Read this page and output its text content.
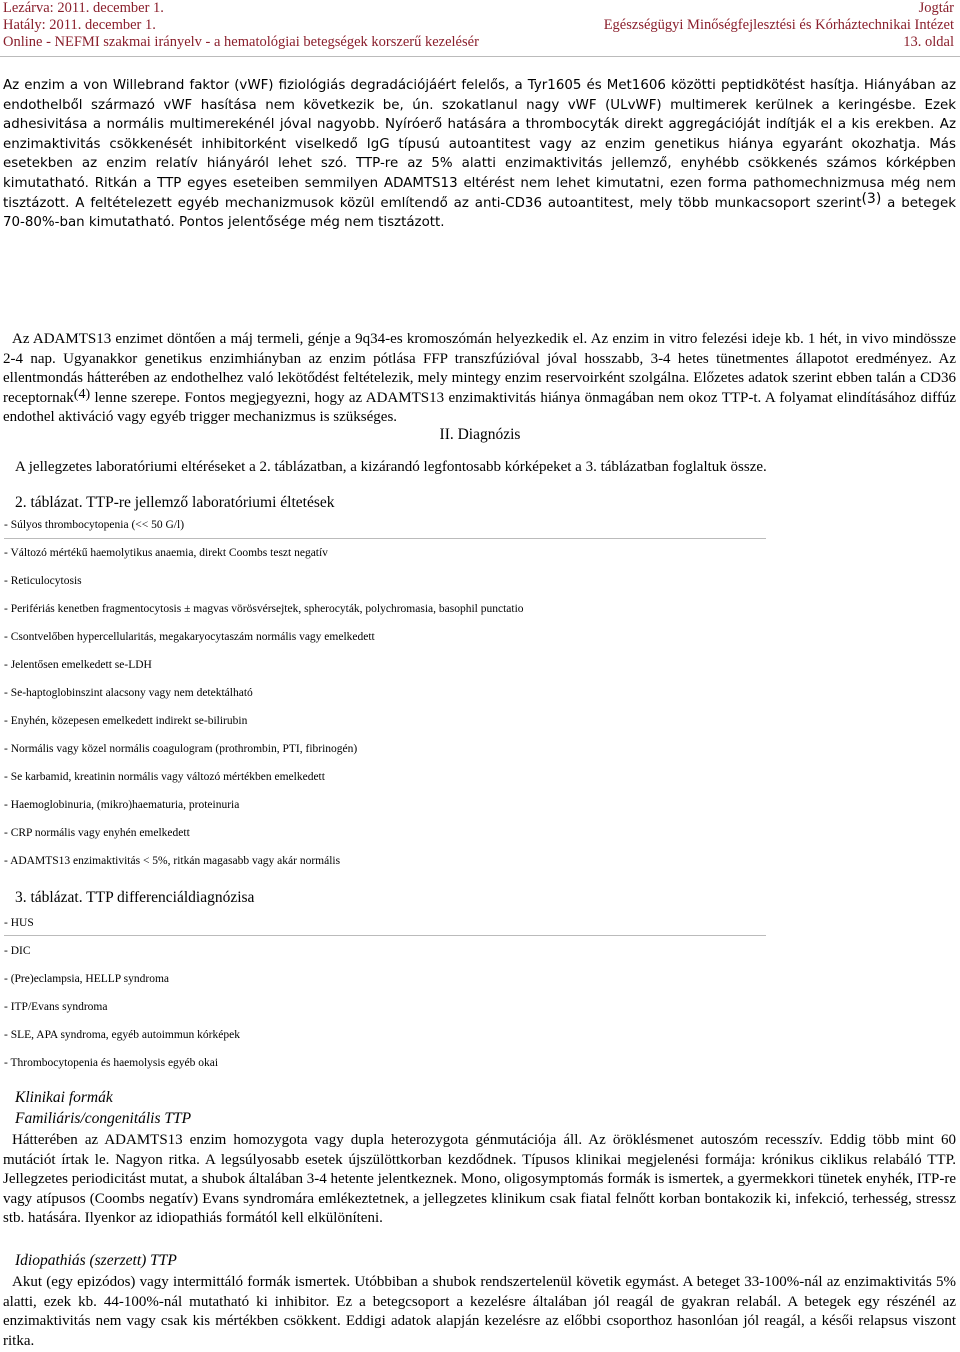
Lezárva: 2011. december 1.
Hatály: 2011. december 1.
Online - NEFMI szakmai irányelv - a hematológiai betegségek korszerű kezelésér
Jogtár
Egészségügyi Minőségfejlesztési és Kórháztechnikai Intézet
13. oldal
Az enzim a von Willebrand faktor (vWF) fiziológiás degradációjáért felelős, a Tyr1605 és Met1606 közötti peptidkötést hasítja. Hiányában az endothelből származó vWF hasítása nem következik be, ún. szokatlanul nagy vWF (ULvWF) multimerek kerülnek a keringésbe. Ezek adhesivitása a normális multimerekénél jóval nagyobb. Nyíróerő hatására a thrombocyták direkt aggregációját indítják el a kis erekben. Az enzimaktivitás csökkenését inhibitorként viselkedő IgG típusú autoantitest vagy az enzim genetikus hiánya egyaránt okozhatja. Más esetekben az enzim relatív hiányáról lehet szó. TTP-re az 5% alatti enzimaktivitás jellemző, enyhébb csökkenés számos kórképben kimutatható. Ritkán a TTP egyes eseteiben semmilyen ADAMTS13 eltérést nem lehet kimutatni, ezen forma pathomechnizmusa még nem tisztázott. A feltételezett egyéb mechanizmusok közül említendő az anti-CD36 autoantitest, mely több munkacsoport szerint$^{(3)}$ a betegek 70-80%-ban kimutatható. Pontos jelentősége még nem tisztázott.
Az ADAMTS13 enzimet döntően a máj termeli, génje a 9q34-es kromoszómán helyezkedik el. Az enzim in vitro felezési ideje kb. 1 hét, in vivo mindössze 2-4 nap. Ugyanakkor genetikus enzimhiányban az enzim pótlása FFP transzfúzióval jóval hosszabb, 3-4 hetes tünetmentes állapotot eredményez. Az ellentmondás hátterében az endothelhez való lekötődést feltételezik, mely mintegy enzim reservoirként szolgálna. Előzetes adatok szerint ebben talán a CD36 receptornak$^{(4)}$ lenne szerepe. Fontos megjegyezni, hogy az ADAMTS13 enzimaktivitás hiánya önmagában nem okoz TTP-t. A folyamat elindításához diffúz endothel aktiváció vagy egyéb trigger mechanizmus is szükséges.
II. Diagnózis
A jellegzetes laboratóriumi eltéréseket a 2. táblázatban, a kizárandó legfontosabb kórképeket a 3. táblázatban foglaltuk össze.
2. táblázat. TTP-re jellemző laboratóriumi éltetések
- Súlyos thrombocytopenia (<< 50 G/l)
- Változó mértékű haemolytikus anaemia, direkt Coombs teszt negatív
- Reticulocytosis
- Perifériás kenetben fragmentocytosis ± magvas vörösvérsejtek, spherocyták, polychromasia, basophil punctatio
- Csontvelőben hypercellularitás, megakaryocytaszám normális vagy emelkedett
- Jelentősen emelkedett se-LDH
- Se-haptoglobinszint alacsony vagy nem detektálható
- Enyhén, közepesen emelkedett indirekt se-bilirubin
- Normális vagy közel normális coagulogram (prothrombin, PTI, fibrinogén)
- Se karbamid, kreatinin normális vagy változó mértékben emelkedett
- Haemoglobinuria, (mikro)haematuria, proteinuria
- CRP normális vagy enyhén emelkedett
- ADAMTS13 enzimaktivitás < 5%, ritkán magasabb vagy akár normális
3. táblázat. TTP differenciáldiagnózisa
- HUS
- DIC
- (Pre)eclampsia, HELLP syndroma
- ITP/Evans syndroma
- SLE, APA syndroma, egyéb autoimmun kórképek
- Thrombocytopenia és haemolysis egyéb okai
Klinikai formák
Familiáris/congenitális TTP
Hátterében az ADAMTS13 enzim homozygota vagy dupla heterozygota génmutációja áll. Az öröklésmenet autoszóm recesszív. Eddig több mint 60 mutációt írtak le. Nagyon ritka. A legsúlyosabb esetek újszülöttkorban kezdődnek. Típusos klinikai megjelenési formája: krónikus ciklikus relabáló TTP. Jellegzetes periodicitást mutat, a shubok általában 3-4 hetente jelentkeznek. Mono, oligosymptomás formák is ismertek, a gyermekkori tünetek enyhék, ITP-re vagy atípusos (Coombs negatív) Evans syndromára emlékeztetnek, a jellegzetes klinikum csak fiatal felnőtt korban bontakozik ki, infekció, terhesség, stressz stb. hatására. Ilyenkor az idiopathiás formától kell elkülöníteni.
Idiopathiás (szerzett) TTP
Akut (egy epizódos) vagy intermittáló formák ismertek. Utóbbiban a shubok rendszertelenül követik egymást. A beteget 33-100%-nál az enzimaktivitás 5% alatti, ezek kb. 44-100%-nál mutatható ki inhibitor. Ez a betegcsoport a kezelésre általában jól reagál de gyakran relabál. A betegek egy részénél az enzimaktivitás nem vagy csak kis mértékben csökkent. Eddigi adatok alapján kezelésre az előbbi csoporthoz hasonlóan jól reagál, a késői relapsus viszont ritka.
